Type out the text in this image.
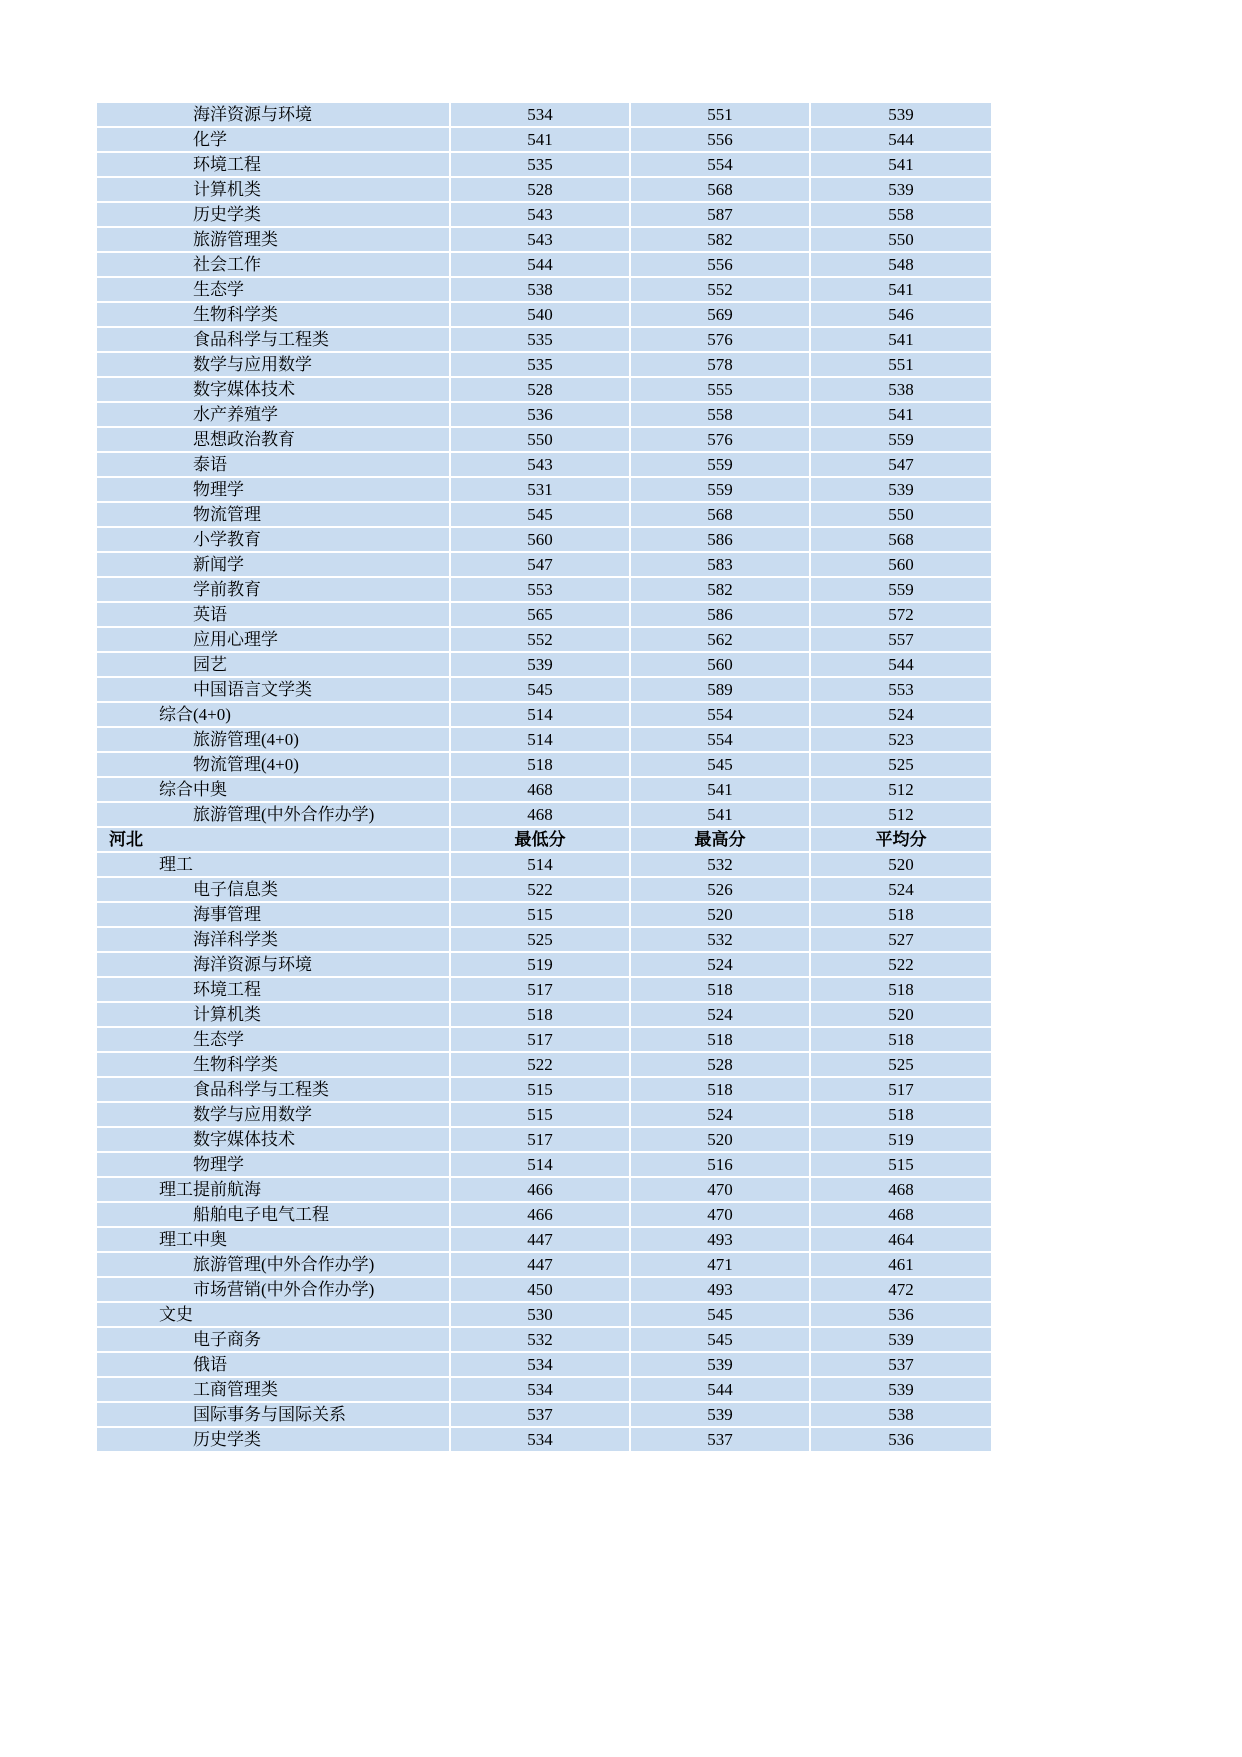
海洋资源与环境	534	551	539
化学	541	556	544
环境工程	535	554	541
计算机类	528	568	539
历史学类	543	587	558
旅游管理类	543	582	550
社会工作	544	556	548
生态学	538	552	541
生物科学类	540	569	546
食品科学与工程类	535	576	541
数学与应用数学	535	578	551
数字媒体技术	528	555	538
水产养殖学	536	558	541
思想政治教育	550	576	559
泰语	543	559	547
物理学	531	559	539
物流管理	545	568	550
小学教育	560	586	568
新闻学	547	583	560
学前教育	553	582	559
英语	565	586	572
应用心理学	552	562	557
园艺	539	560	544
中国语言文学类	545	589	553
综合(4+0)	514	554	524
旅游管理(4+0)	514	554	523
物流管理(4+0)	518	545	525
综合中奥	468	541	512
旅游管理(中外合作办学)	468	541	512
河北	最低分	最高分	平均分
理工	514	532	520
电子信息类	522	526	524
海事管理	515	520	518
海洋科学类	525	532	527
海洋资源与环境	519	524	522
环境工程	517	518	518
计算机类	518	524	520
生态学	517	518	518
生物科学类	522	528	525
食品科学与工程类	515	518	517
数学与应用数学	515	524	518
数字媒体技术	517	520	519
物理学	514	516	515
理工提前航海	466	470	468
船舶电子电气工程	466	470	468
理工中奥	447	493	464
旅游管理(中外合作办学)	447	471	461
市场营销(中外合作办学)	450	493	472
文史	530	545	536
电子商务	532	545	539
俄语	534	539	537
工商管理类	534	544	539
国际事务与国际关系	537	539	538
历史学类	534	537	536
